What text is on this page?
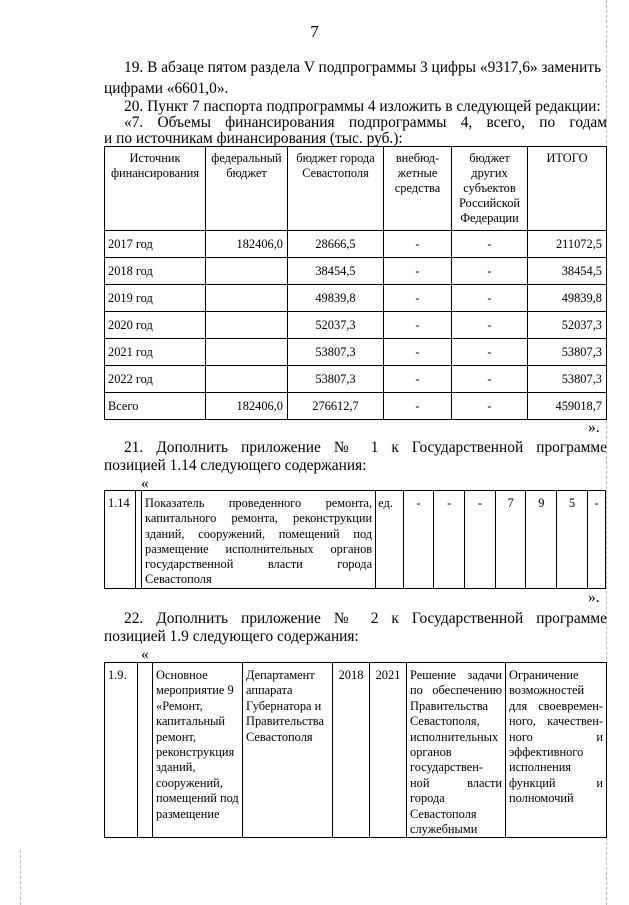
7
19. В абзаце пятом раздела V подпрограммы 3 цифры «9317,6» заменить
цифрами «6601,0».
20. Пункт 7 паспорта подпрограммы 4 изложить в следующей редакции:
«7. Объемы финансирования подпрограммы 4, всего, по годам
и по источникам финансирования (тыс. руб.):
Источник финансирования	федеральный бюджет	бюджет города Севастополя	внебюд-жетные средства	бюджет других субъектов Российской Федерации	ИТОГО
2017 год	182406,0	28666,5	-	-	211072,5
2018 год		38454,5	-	-	38454,5
2019 год		49839,8	-	-	49839,8
2020 год		52037,3	-	-	52037,3
2021 год		53807,3	-	-	53807,3
2022 год		53807,3	-	-	53807,3
Всего	182406,0	276612,7	-	-	459018,7
».
21. Дополнить приложение № 1 к Государственной программе
позицией 1.14 следующего содержания:
«
1.14		Показатель проведенного ремонта, капитального ремонта, реконструкции зданий, сооружений, помещений под размещение исполнительных органов государственной власти города Севастополя	ед.	-	-	-	7	9	5	-
».
22. Дополнить приложение № 2 к Государственной программе
позицией 1.9 следующего содержания:
«
1.9.		Основное мероприятие 9 «Ремонт, капитальный ремонт, реконструкция зданий, сооружений, помещений под размещение	Департамент аппарата Губернатора и Правительства Севастополя	2018	2021	Решение задачи по обеспечению Правительства Севастополя, исполнительных органов государствен-ной власти города Севастополя служебными	Ограничение возможностей для своевремен-ного, качествен-ного и эффективного исполнения функций и полномочий
